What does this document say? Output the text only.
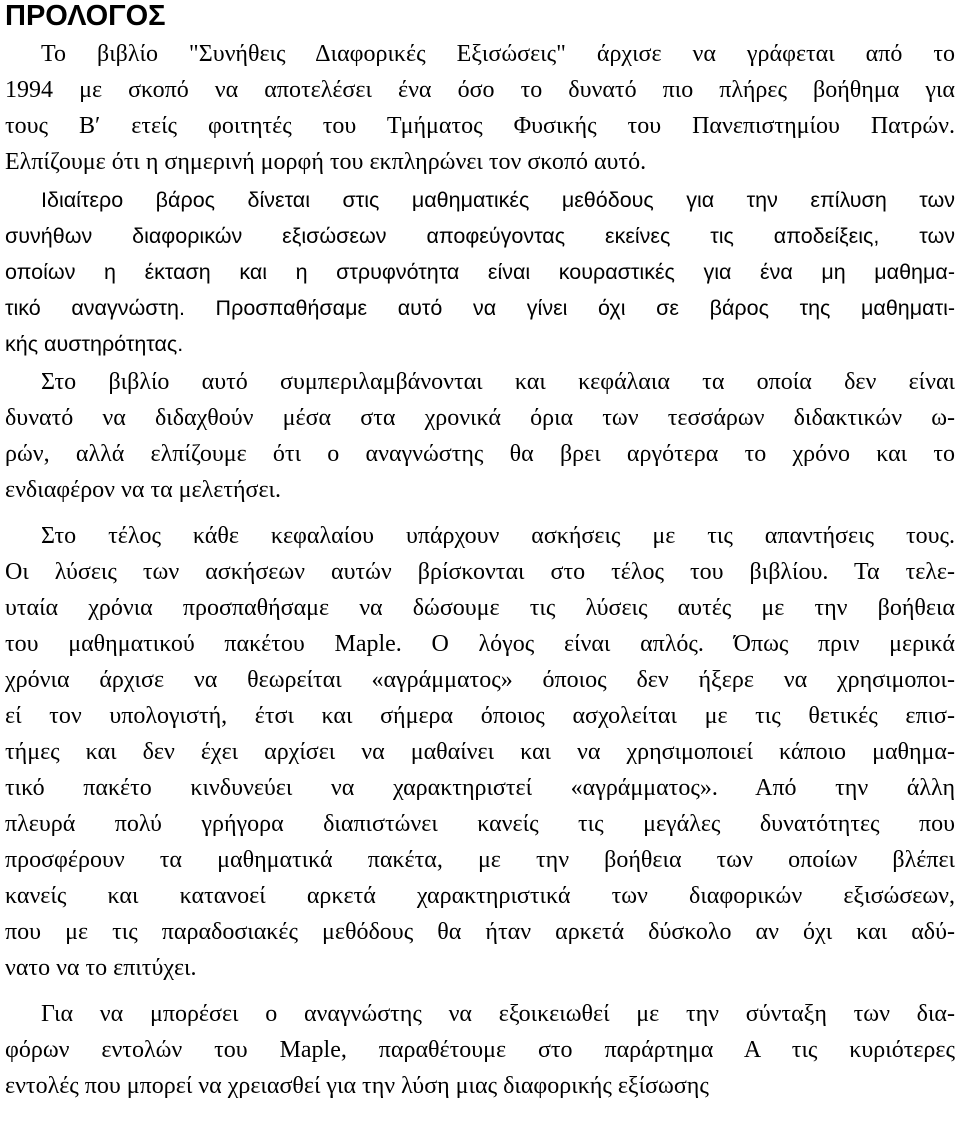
ΠΡΟΛΟΓΟΣ
Το βιβλίο "Συνήθεις Διαφορικές Εξισώσεις" άρχισε να γράφεται από το
1994 με σκοπό να αποτελέσει ένα όσο το δυνατό πιο πλήρες βοήθημα για
τους Β′ ετείς φοιτητές του Τμήματος Φυσικής του Πανεπιστημίου Πατρών.
Ελπίζουμε ότι η σημερινή μορφή του εκπληρώνει τον σκοπό αυτό.
Ιδιαίτερο βάρος δίνεται στις μαθηματικές μεθόδους για την επίλυση των
συνήθων διαφορικών εξισώσεων αποφεύγοντας εκείνες τις αποδείξεις, των
οποίων η έκταση και η στρυφνότητα είναι κουραστικές για ένα μη μαθημα-
τικό αναγνώστη. Προσπαθήσαμε αυτό να γίνει όχι σε βάρος της μαθηματι-
κής αυστηρότητας.
Στο βιβλίο αυτό συμπεριλαμβάνονται και κεφάλαια τα οποία δεν είναι
δυνατό να διδαχθούν μέσα στα χρονικά όρια των τεσσάρων διδακτικών ω-
ρών, αλλά ελπίζουμε ότι ο αναγνώστης θα βρει αργότερα το χρόνο και το
ενδιαφέρον να τα μελετήσει.
Στο τέλος κάθε κεφαλαίου υπάρχουν ασκήσεις με τις απαντήσεις τους.
Οι λύσεις των ασκήσεων αυτών βρίσκονται στο τέλος του βιβλίου. Τα τελε-
υταία χρόνια προσπαθήσαμε να δώσουμε τις λύσεις αυτές με την βοήθεια
του μαθηματικού πακέτου Maple. Ο λόγος είναι απλός. Όπως πριν μερικά
χρόνια άρχισε να θεωρείται «αγράμματος» όποιος δεν ήξερε να χρησιμοποι-
εί τον υπολογιστή, έτσι και σήμερα όποιος ασχολείται με τις θετικές επισ-
τήμες και δεν έχει αρχίσει να μαθαίνει και να χρησιμοποιεί κάποιο μαθημα-
τικό πακέτο κινδυνεύει να χαρακτηριστεί «αγράμματος». Από την άλλη
πλευρά πολύ γρήγορα διαπιστώνει κανείς τις μεγάλες δυνατότητες που
προσφέρουν τα μαθηματικά πακέτα, με την βοήθεια των οποίων βλέπει
κανείς και κατανοεί αρκετά χαρακτηριστικά των διαφορικών εξισώσεων,
που με τις παραδοσιακές μεθόδους θα ήταν αρκετά δύσκολο αν όχι και αδύ-
νατο να το επιτύχει.
Για να μπορέσει ο αναγνώστης να εξοικειωθεί με την σύνταξη των δια-
φόρων εντολών του Maple, παραθέτουμε στο παράρτημα Α τις κυριότερες
εντολές που μπορεί να χρειασθεί για την λύση μιας διαφορικής εξίσωσης
